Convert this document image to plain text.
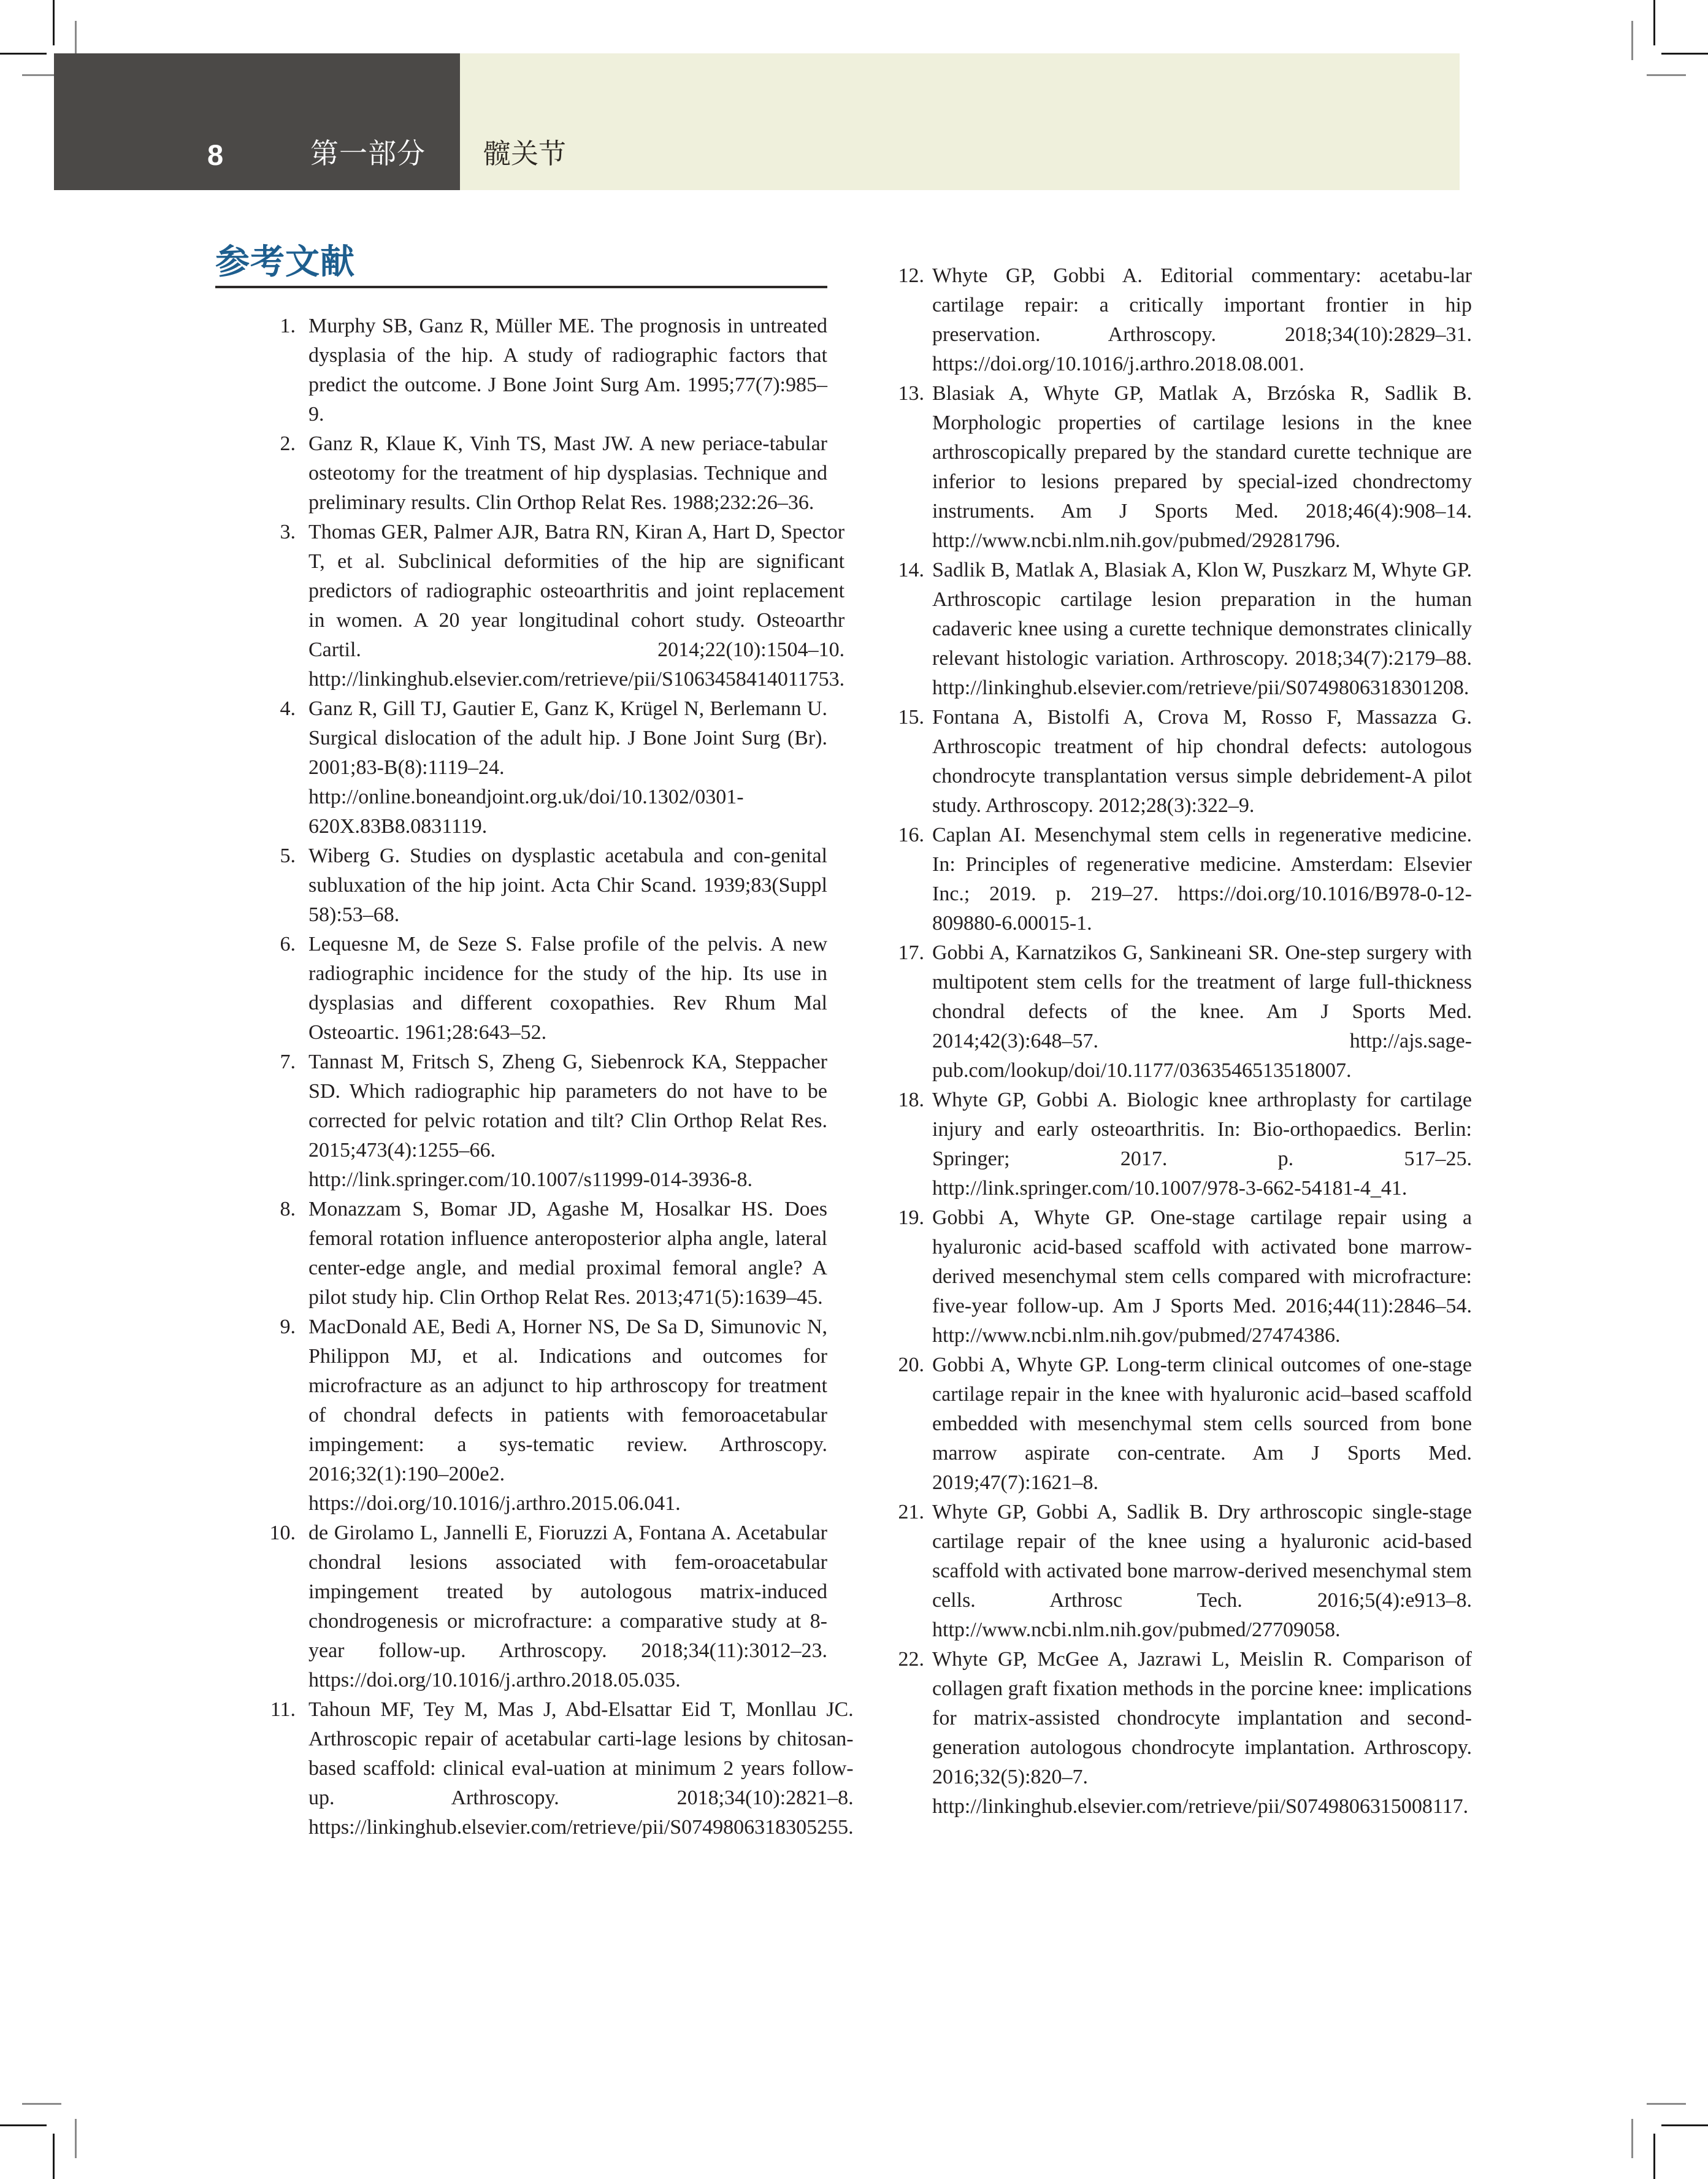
8	第一部分 髋关节
参考文献
1. Murphy SB, Ganz R, Müller ME. The prognosis in untreated dysplasia of the hip. A study of radiographic factors that predict the outcome. J Bone Joint Surg Am. 1995;77(7):985–9.
2. Ganz R, Klaue K, Vinh TS, Mast JW. A new periace-tabular osteotomy for the treatment of hip dysplasias. Technique and preliminary results. Clin Orthop Relat Res. 1988;232:26–36.
3. Thomas GER, Palmer AJR, Batra RN, Kiran A, Hart D, Spector T, et al. Subclinical deformities of the hip are significant predictors of radiographic osteoarthritis and joint replacement in women. A 20 year longitudinal cohort study. Osteoarthr Cartil. 2014;22(10):1504–10. http://linkinghub.elsevier.com/retrieve/pii/S1063458414011753.
4. Ganz R, Gill TJ, Gautier E, Ganz K, Krügel N, Berlemann U. Surgical dislocation of the adult hip. J Bone Joint Surg (Br). 2001;83-B(8):1119–24. http://online.boneandjoint.org.uk/doi/10.1302/0301-620X.83B8.0831119.
5. Wiberg G. Studies on dysplastic acetabula and con-genital subluxation of the hip joint. Acta Chir Scand. 1939;83(Suppl 58):53–68.
6. Lequesne M, de Seze S. False profile of the pelvis. A new radiographic incidence for the study of the hip. Its use in dysplasias and different coxopathies. Rev Rhum Mal Osteoartic. 1961;28:643–52.
7. Tannast M, Fritsch S, Zheng G, Siebenrock KA, Steppacher SD. Which radiographic hip parameters do not have to be corrected for pelvic rotation and tilt? Clin Orthop Relat Res. 2015;473(4):1255–66. http://link.springer.com/10.1007/s11999-014-3936-8.
8. Monazzam S, Bomar JD, Agashe M, Hosalkar HS. Does femoral rotation influence anteroposterior alpha angle, lateral center-edge angle, and medial proximal femoral angle? A pilot study hip. Clin Orthop Relat Res. 2013;471(5):1639–45.
9. MacDonald AE, Bedi A, Horner NS, De Sa D, Simunovic N, Philippon MJ, et al. Indications and outcomes for microfracture as an adjunct to hip arthroscopy for treatment of chondral defects in patients with femoroacetabular impingement: a sys-tematic review. Arthroscopy. 2016;32(1):190–200e2. https://doi.org/10.1016/j.arthro.2015.06.041.
10. de Girolamo L, Jannelli E, Fioruzzi A, Fontana A. Acetabular chondral lesions associated with fem-oroacetabular impingement treated by autologous matrix-induced chondrogenesis or microfracture: a comparative study at 8-year follow-up. Arthroscopy. 2018;34(11):3012–23. https://doi.org/10.1016/j.arthro.2018.05.035.
11. Tahoun MF, Tey M, Mas J, Abd-Elsattar Eid T, Monllau JC. Arthroscopic repair of acetabular carti-lage lesions by chitosan-based scaffold: clinical eval-uation at minimum 2 years follow-up. Arthroscopy. 2018;34(10):2821–8. https://linkinghub.elsevier.com/retrieve/pii/S0749806318305255.
12. Whyte GP, Gobbi A. Editorial commentary: acetabu-lar cartilage repair: a critically important frontier in hip preservation. Arthroscopy. 2018;34(10):2829–31. https://doi.org/10.1016/j.arthro.2018.08.001.
13. Blasiak A, Whyte GP, Matlak A, Brzóska R, Sadlik B. Morphologic properties of cartilage lesions in the knee arthroscopically prepared by the standard curette technique are inferior to lesions prepared by special-ized chondrectomy instruments. Am J Sports Med. 2018;46(4):908–14. http://www.ncbi.nlm.nih.gov/pubmed/29281796.
14. Sadlik B, Matlak A, Blasiak A, Klon W, Puszkarz M, Whyte GP. Arthroscopic cartilage lesion preparation in the human cadaveric knee using a curette technique demonstrates clinically relevant histologic variation. Arthroscopy. 2018;34(7):2179–88. http://linkinghub.elsevier.com/retrieve/pii/S0749806318301208.
15. Fontana A, Bistolfi A, Crova M, Rosso F, Massazza G. Arthroscopic treatment of hip chondral defects: autologous chondrocyte transplantation versus simple debridement-A pilot study. Arthroscopy. 2012;28(3):322–9.
16. Caplan AI. Mesenchymal stem cells in regenerative medicine. In: Principles of regenerative medicine. Amsterdam: Elsevier Inc.; 2019. p. 219–27. https://doi.org/10.1016/B978-0-12-809880-6.00015-1.
17. Gobbi A, Karnatzikos G, Sankineani SR. One-step surgery with multipotent stem cells for the treatment of large full-thickness chondral defects of the knee. Am J Sports Med. 2014;42(3):648–57. http://ajs.sage-pub.com/lookup/doi/10.1177/0363546513518007.
18. Whyte GP, Gobbi A. Biologic knee arthroplasty for cartilage injury and early osteoarthritis. In: Bio-orthopaedics. Berlin: Springer; 2017. p. 517–25. http://link.springer.com/10.1007/978-3-662-54181-4_41.
19. Gobbi A, Whyte GP. One-stage cartilage repair using a hyaluronic acid-based scaffold with activated bone marrow-derived mesenchymal stem cells compared with microfracture: five-year follow-up. Am J Sports Med. 2016;44(11):2846–54. http://www.ncbi.nlm.nih.gov/pubmed/27474386.
20. Gobbi A, Whyte GP. Long-term clinical outcomes of one-stage cartilage repair in the knee with hyaluronic acid–based scaffold embedded with mesenchymal stem cells sourced from bone marrow aspirate con-centrate. Am J Sports Med. 2019;47(7):1621–8.
21. Whyte GP, Gobbi A, Sadlik B. Dry arthroscopic single-stage cartilage repair of the knee using a hyaluronic acid-based scaffold with activated bone marrow-derived mesenchymal stem cells. Arthrosc Tech. 2016;5(4):e913–8. http://www.ncbi.nlm.nih.gov/pubmed/27709058.
22. Whyte GP, McGee A, Jazrawi L, Meislin R. Comparison of collagen graft fixation methods in the porcine knee: implications for matrix-assisted chondrocyte implantation and second-generation autologous chondrocyte implantation. Arthroscopy. 2016;32(5):820–7. http://linkinghub.elsevier.com/retrieve/pii/S0749806315008117.
